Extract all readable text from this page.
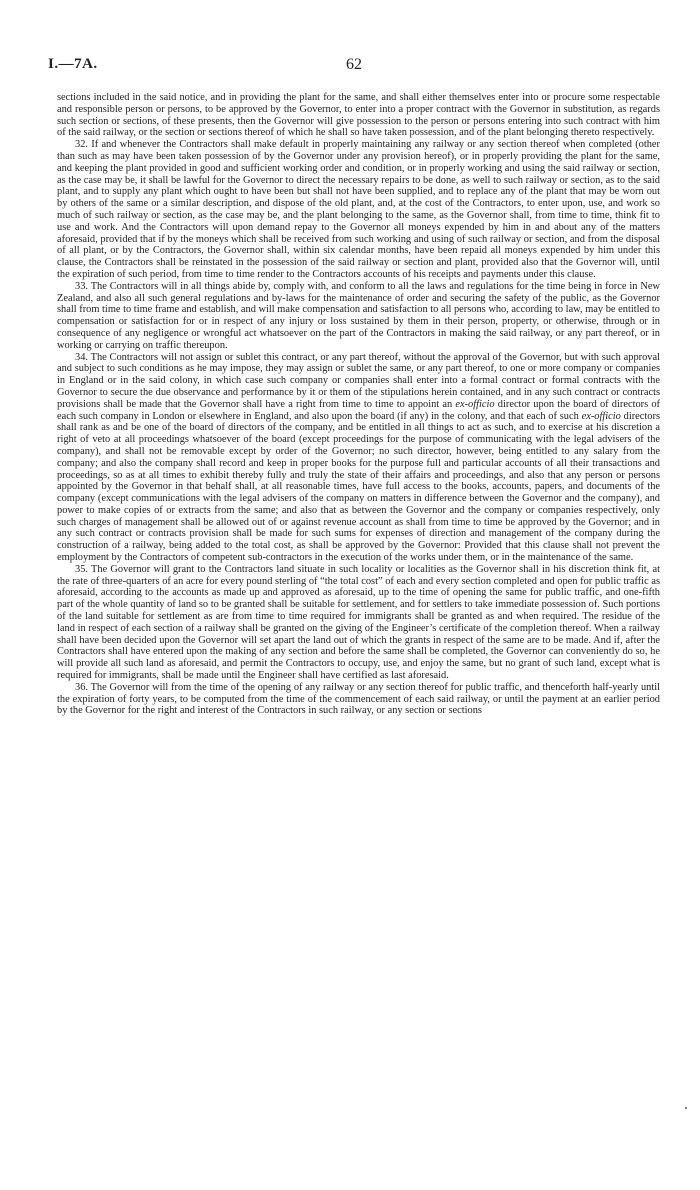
I.—7A.	62

sections included in the said notice, and in providing the plant for the same, and shall either themselves enter into or procure some respectable and responsible person or persons, to be approved by the Governor, to enter into a proper contract with the Governor in substitution, as regards such section or sections, of these presents, then the Governor will give possession to the person or persons entering into such contract with him of the said railway, or the section or sections thereof of which he shall so have taken possession, and of the plant belonging thereto respectively.

32. If and whenever the Contractors shall make default in properly maintaining any railway or any section thereof when completed (other than such as may have been taken possession of by the Governor under any provision hereof), or in properly providing the plant for the same, and keeping the plant provided in good and sufficient working order and condition, or in properly working and using the said railway or section, as the case may be, it shall be lawful for the Governor to direct the necessary repairs to be done, as well to such railway or section, as to the said plant, and to supply any plant which ought to have been but shall not have been supplied, and to replace any of the plant that may be worn out by others of the same or a similar description, and dispose of the old plant, and, at the cost of the Contractors, to enter upon, use, and work so much of such railway or section, as the case may be, and the plant belonging to the same, as the Governor shall, from time to time, think fit to use and work. And the Contractors will upon demand repay to the Governor all moneys expended by him in and about any of the matters aforesaid, provided that if by the moneys which shall be received from such working and using of such railway or section, and from the disposal of all plant, or by the Contractors, the Governor shall, within six calendar months, have been repaid all moneys expended by him under this clause, the Contractors shall be reinstated in the possession of the said railway or section and plant, provided also that the Governor will, until the expiration of such period, from time to time render to the Contractors accounts of his receipts and payments under this clause.

33. The Contractors will in all things abide by, comply with, and conform to all the laws and regulations for the time being in force in New Zealand, and also all such general regulations and by-laws for the maintenance of order and securing the safety of the public, as the Governor shall from time to time frame and establish, and will make compensation and satisfaction to all persons who, according to law, may be entitled to compensation or satisfaction for or in respect of any injury or loss sustained by them in their person, property, or otherwise, through or in consequence of any negligence or wrongful act whatsoever on the part of the Contractors in making the said railway, or any part thereof, or in working or carrying on traffic thereupon.

34. The Contractors will not assign or sublet this contract, or any part thereof, without the approval of the Governor, but with such approval and subject to such conditions as he may impose, they may assign or sublet the same, or any part thereof, to one or more company or companies in England or in the said colony, in which case such company or companies shall enter into a formal contract or formal contracts with the Governor to secure the due observance and performance by it or them of the stipulations herein contained, and in any such contract or contracts provisions shall be made that the Governor shall have a right from time to time to appoint an ex-officio director upon the board of directors of each such company in London or elsewhere in England, and also upon the board (if any) in the colony, and that each of such ex-officio directors shall rank as and be one of the board of directors of the company, and be entitled in all things to act as such, and to exercise at his discretion a right of veto at all proceedings whatsoever of the board (except proceedings for the purpose of communicating with the legal advisers of the company), and shall not be removable except by order of the Governor; no such director, however, being entitled to any salary from the company; and also the company shall record and keep in proper books for the purpose full and particular accounts of all their transactions and proceedings, so as at all times to exhibit thereby fully and truly the state of their affairs and proceedings, and also that any person or persons appointed by the Governor in that behalf shall, at all reasonable times, have full access to the books, accounts, papers, and documents of the company (except communications with the legal advisers of the company on matters in difference between the Governor and the company), and power to make copies of or extracts from the same; and also that as between the Governor and the company or companies respectively, only such charges of management shall be allowed out of or against revenue account as shall from time to time be approved by the Governor; and in any such contract or contracts provision shall be made for such sums for expenses of direction and management of the company during the construction of a railway, being added to the total cost, as shall be approved by the Governor: Provided that this clause shall not prevent the employment by the Contractors of competent sub-contractors in the execution of the works under them, or in the maintenance of the same.

35. The Governor will grant to the Contractors land situate in such locality or localities as the Governor shall in his discretion think fit, at the rate of three-quarters of an acre for every pound sterling of “the total cost” of each and every section completed and open for public traffic as aforesaid, according to the accounts as made up and approved as aforesaid, up to the time of opening the same for public traffic, and one-fifth part of the whole quantity of land so to be granted shall be suitable for settlement, and for settlers to take immediate possession of. Such portions of the land suitable for settlement as are from time to time required for immigrants shall be granted as and when required. The residue of the land in respect of each section of a railway shall be granted on the giving of the Engineer’s certificate of the completion thereof. When a railway shall have been decided upon the Governor will set apart the land out of which the grants in respect of the same are to be made. And if, after the Contractors shall have entered upon the making of any section and before the same shall be completed, the Governor can conveniently do so, he will provide all such land as aforesaid, and permit the Contractors to occupy, use, and enjoy the same, but no grant of such land, except what is required for immigrants, shall be made until the Engineer shall have certified as last aforesaid.

36. The Governor will from the time of the opening of any railway or any section thereof for public traffic, and thenceforth half-yearly until the expiration of forty years, to be computed from the time of the commencement of each said railway, or until the payment at an earlier period by the Governor for the right and interest of the Contractors in such railway, or any section or sections
